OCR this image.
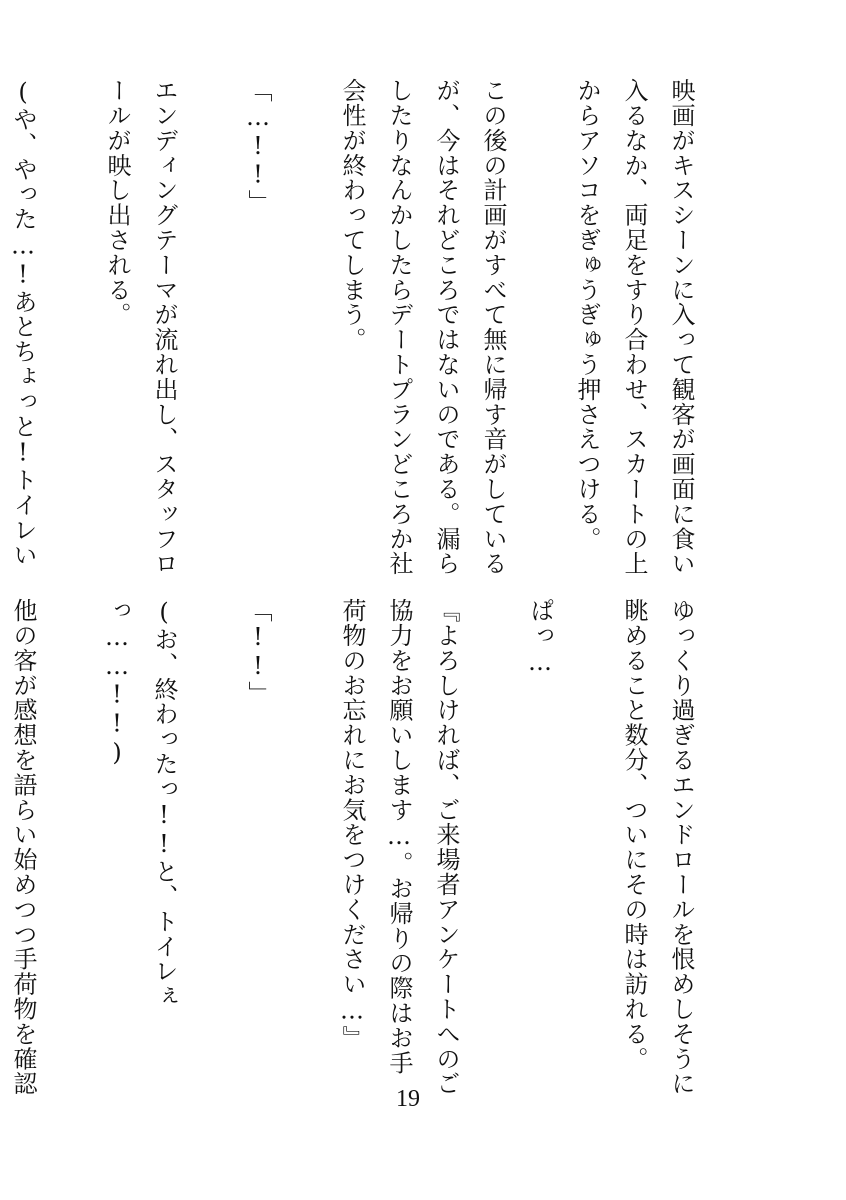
映画がキスシーンに入って観客が画面に食い入るなか、両足をすり合わせ、スカートの上からアソコをぎゅうぎゅう押さえつける。

この後の計画がすべて無に帰す音がしているが、今はそれどころではないのである。漏らしたりなんかしたらデートプランどころか社会性が終わってしまう。

「…!!」

エンディングテーマが流れ出し、スタッフロールが映し出される。

(や、やった…!あとちょっと!トイレい

ゆっくり過ぎるエンドロールを恨めしそうに眺めること数分、ついにその時は訪れる。

ぱっ…

『よろしければ、ご来場者アンケートへのご協力をお願いします…。お帰りの際はお手荷物のお忘れにお気をつけください…』

「!!」

(お、終わったっ!!と、トイレぇっ……!!)

他の客が感想を語らい始めつつ手荷物を確認

19
